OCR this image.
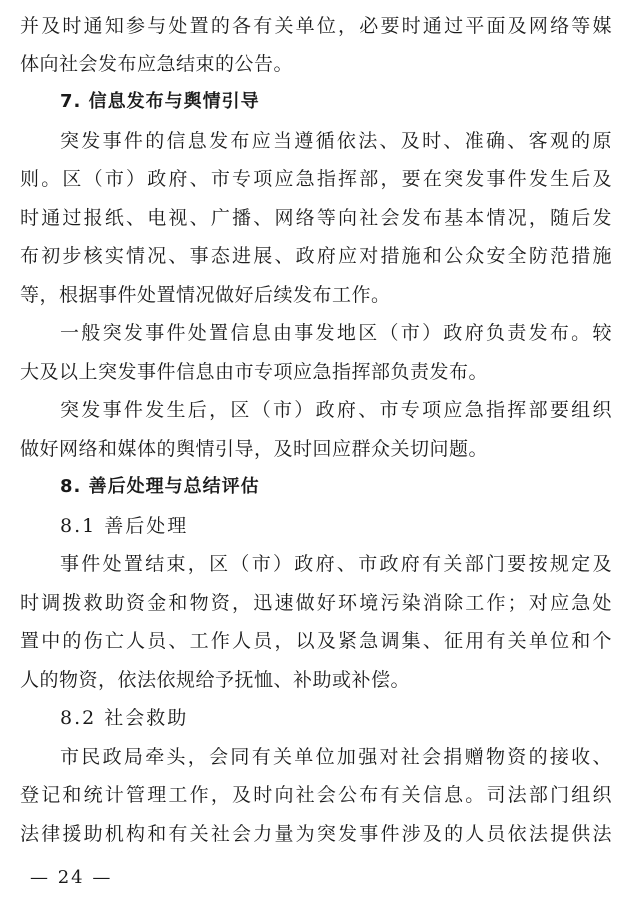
并及时通知参与处置的各有关单位，必要时通过平面及网络等媒
体向社会发布应急结束的公告。
7. 信息发布与舆情引导
突发事件的信息发布应当遵循依法、及时、准确、客观的原
则。区（市）政府、市专项应急指挥部，要在突发事件发生后及
时通过报纸、电视、广播、网络等向社会发布基本情况，随后发
布初步核实情况、事态进展、政府应对措施和公众安全防范措施
等，根据事件处置情况做好后续发布工作。
一般突发事件处置信息由事发地区（市）政府负责发布。较
大及以上突发事件信息由市专项应急指挥部负责发布。
突发事件发生后，区（市）政府、市专项应急指挥部要组织
做好网络和媒体的舆情引导，及时回应群众关切问题。
8. 善后处理与总结评估
8.1 善后处理
事件处置结束，区（市）政府、市政府有关部门要按规定及
时调拨救助资金和物资，迅速做好环境污染消除工作；对应急处
置中的伤亡人员、工作人员，以及紧急调集、征用有关单位和个
人的物资，依法依规给予抚恤、补助或补偿。
8.2 社会救助
市民政局牵头，会同有关单位加强对社会捐赠物资的接收、
登记和统计管理工作，及时向社会公布有关信息。司法部门组织
法律援助机构和有关社会力量为突发事件涉及的人员依法提供法
— 24 —
